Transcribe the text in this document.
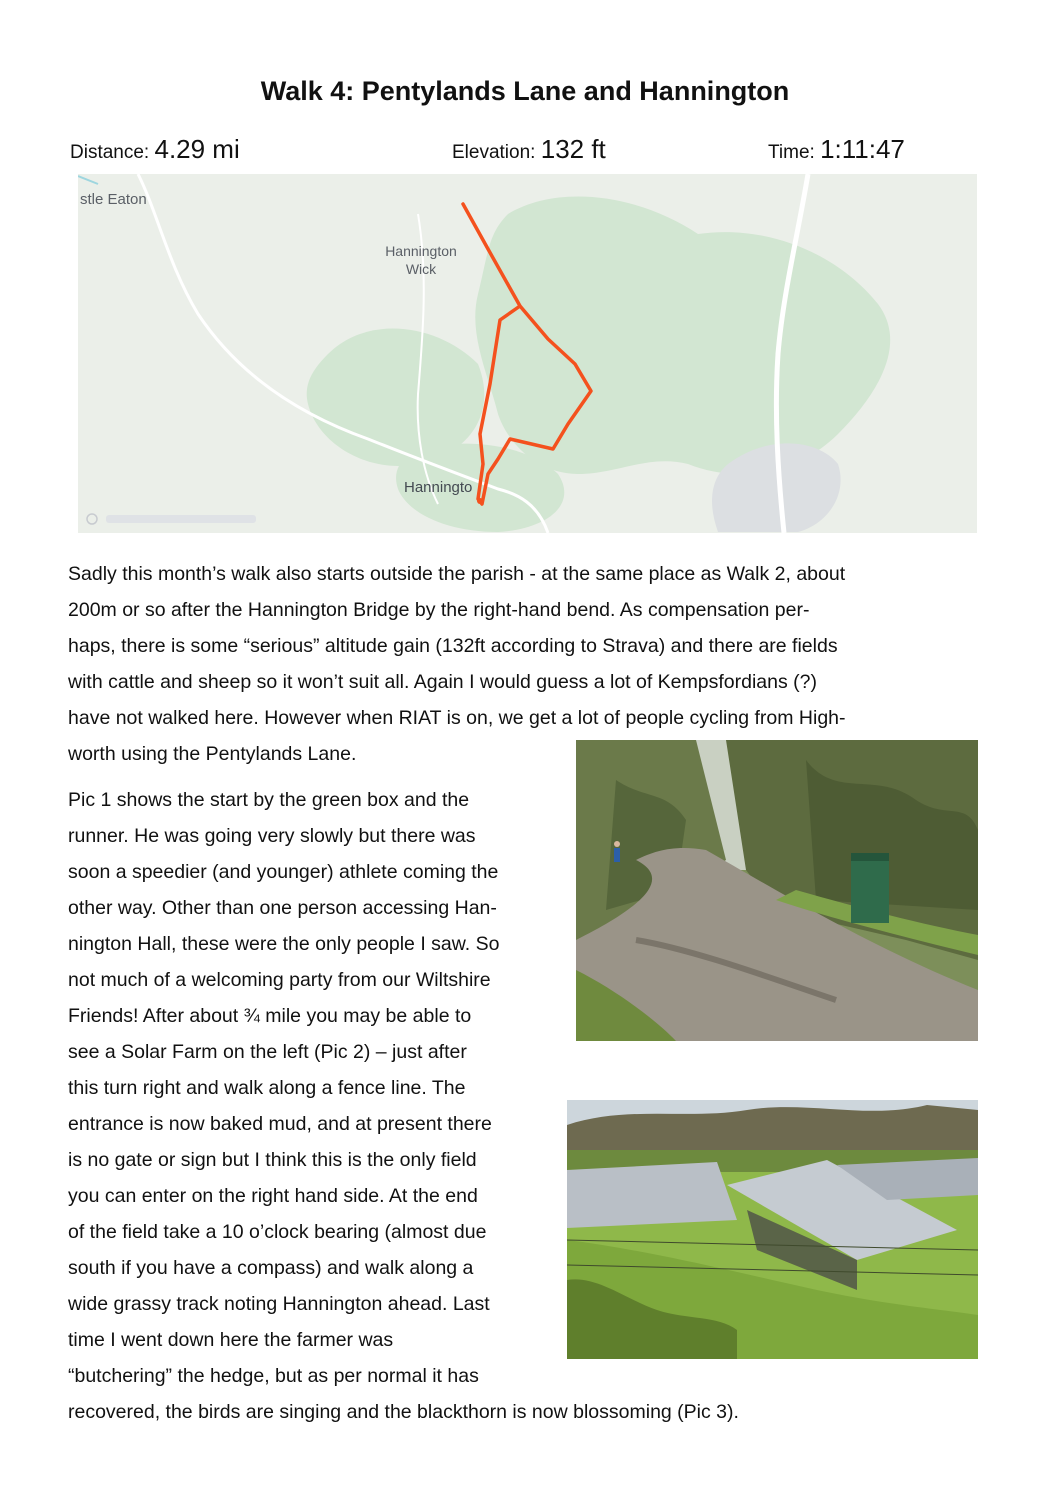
Walk 4: Pentylands Lane and Hannington
Distance: 4.29 mi	Elevation: 132 ft	Time: 1:11:47
stle Eaton
Hannington
Wick
Hanningto

Sadly this month’s walk also starts outside the parish - at the same place as Walk 2, about
200m or so after the Hannington Bridge by the right-hand bend. As compensation per-
haps, there is some “serious” altitude gain (132ft according to Strava) and there are fields
with cattle and sheep so it won’t suit all. Again I would guess a lot of Kempsfordians (?)
have not walked here. However when RIAT is on, we get a lot of people cycling from High-
worth using the Pentylands Lane.

Pic 1 shows the start by the green box and the
runner. He was going very slowly but there was
soon a speedier (and younger) athlete coming the
other way. Other than one person accessing Han-
nington Hall, these were the only people I saw. So
not much of a welcoming party from our Wiltshire
Friends! After about ¾ mile you may be able to
see a Solar Farm on the left (Pic 2) – just after
this turn right and walk along a fence line. The
entrance is now baked mud, and at present there
is no gate or sign but I think this is the only field
you can enter on the right hand side. At the end
of the field take a 10 o’clock bearing (almost due
south if you have a compass) and walk along a
wide grassy track noting Hannington ahead. Last
time I went down here the farmer was
“butchering” the hedge, but as per normal it has
recovered, the birds are singing and the blackthorn is now blossoming (Pic 3).
